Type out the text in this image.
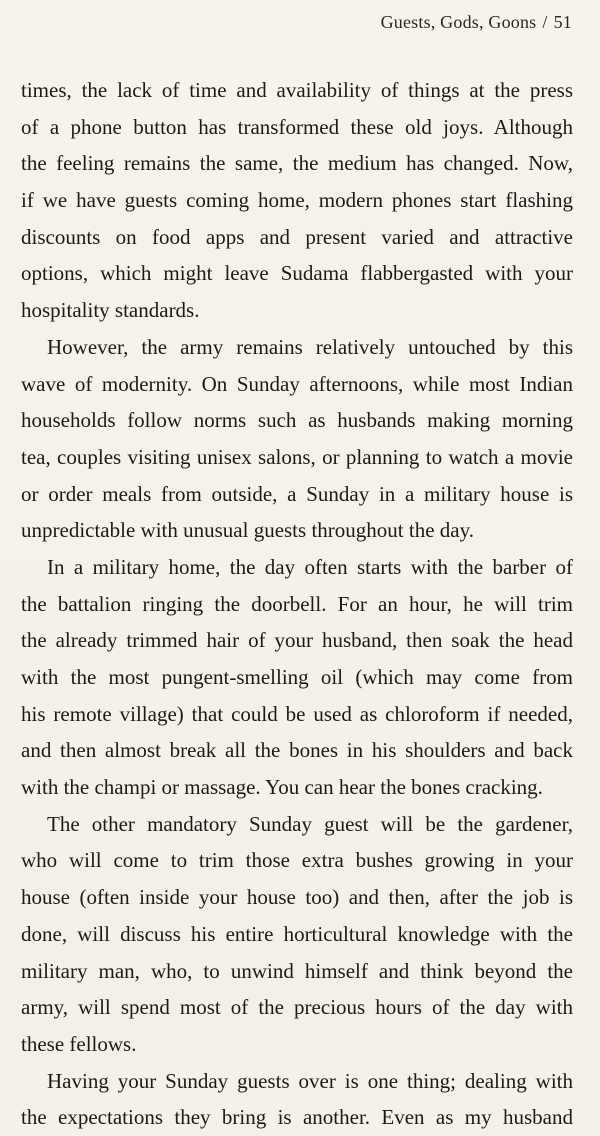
Guests, Gods, Goons / 51
times, the lack of time and availability of things at the press
of a phone button has transformed these old joys. Although
the feeling remains the same, the medium has changed. Now,
if we have guests coming home, modern phones start flashing
discounts on food apps and present varied and attractive
options, which might leave Sudama flabbergasted with your
hospitality standards.
However, the army remains relatively untouched by this
wave of modernity. On Sunday afternoons, while most Indian
households follow norms such as husbands making morning
tea, couples visiting unisex salons, or planning to watch a movie
or order meals from outside, a Sunday in a military house is
unpredictable with unusual guests throughout the day.
In a military home, the day often starts with the barber of
the battalion ringing the doorbell. For an hour, he will trim
the already trimmed hair of your husband, then soak the head
with the most pungent-smelling oil (which may come from
his remote village) that could be used as chloroform if needed,
and then almost break all the bones in his shoulders and back
with the champi or massage. You can hear the bones cracking.
The other mandatory Sunday guest will be the gardener,
who will come to trim those extra bushes growing in your
house (often inside your house too) and then, after the job is
done, will discuss his entire horticultural knowledge with the
military man, who, to unwind himself and think beyond the
army, will spend most of the precious hours of the day with
these fellows.
Having your Sunday guests over is one thing; dealing with
the expectations they bring is another. Even as my husband
